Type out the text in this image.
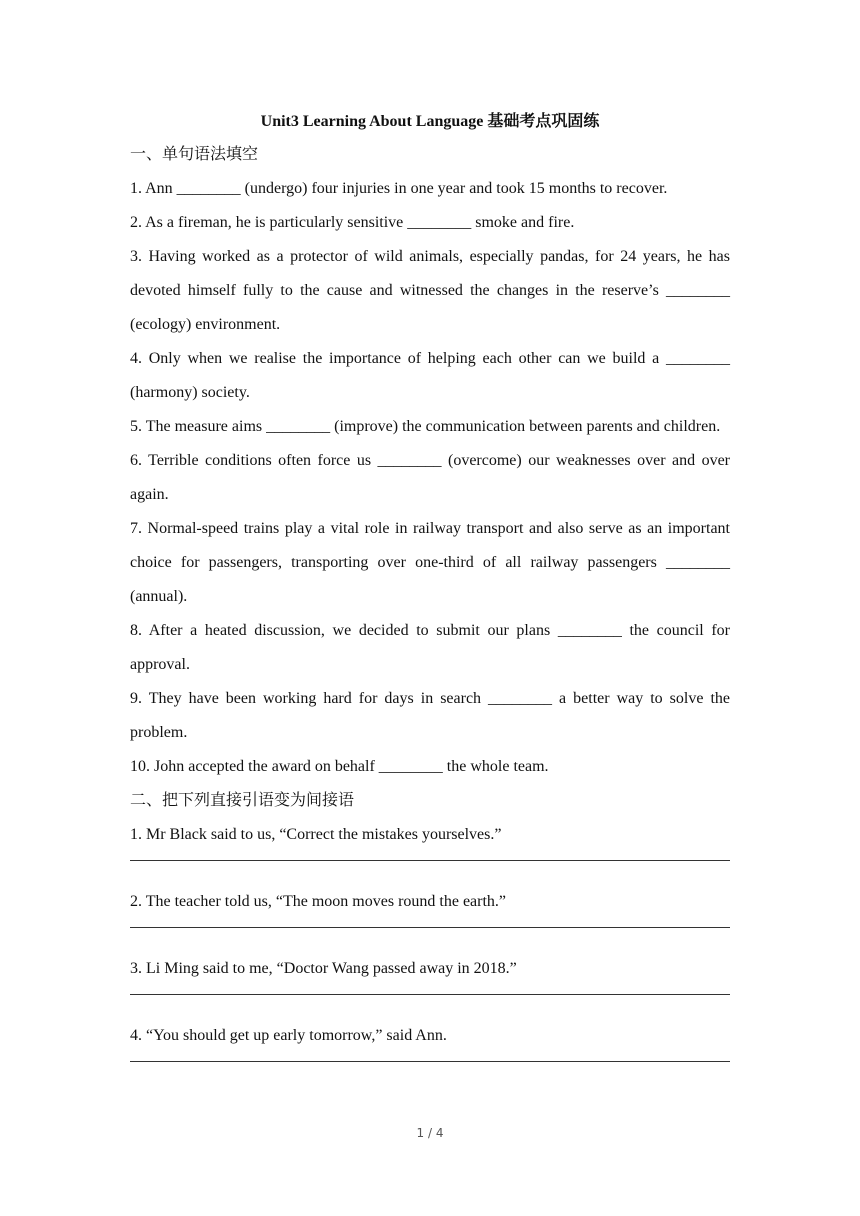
Unit3 Learning About Language 基础考点巩固练

一、单句语法填空

1. Ann ________ (undergo) four injuries in one year and took 15 months to recover.

2. As a fireman, he is particularly sensitive ________ smoke and fire.

3. Having worked as a protector of wild animals, especially pandas, for 24 years, he has devoted himself fully to the cause and witnessed the changes in the reserve’s ________ (ecology) environment.

4. Only when we realise the importance of helping each other can we build a ________ (harmony) society.

5. The measure aims ________ (improve) the communication between parents and children.

6. Terrible conditions often force us ________ (overcome) our weaknesses over and over again.

7. Normal-speed trains play a vital role in railway transport and also serve as an important choice for passengers, transporting over one-third of all railway passengers ________ (annual).

8. After a heated discussion, we decided to submit our plans ________ the council for approval.

9. They have been working hard for days in search ________ a better way to solve the problem.

10. John accepted the award on behalf ________ the whole team.

二、把下列直接引语变为间接语

1. Mr Black said to us, “Correct the mistakes yourselves.”

2. The teacher told us, “The moon moves round the earth.”

3. Li Ming said to me, “Doctor Wang passed away in 2018.”

4. “You should get up early tomorrow,” said Ann.

1 / 4
